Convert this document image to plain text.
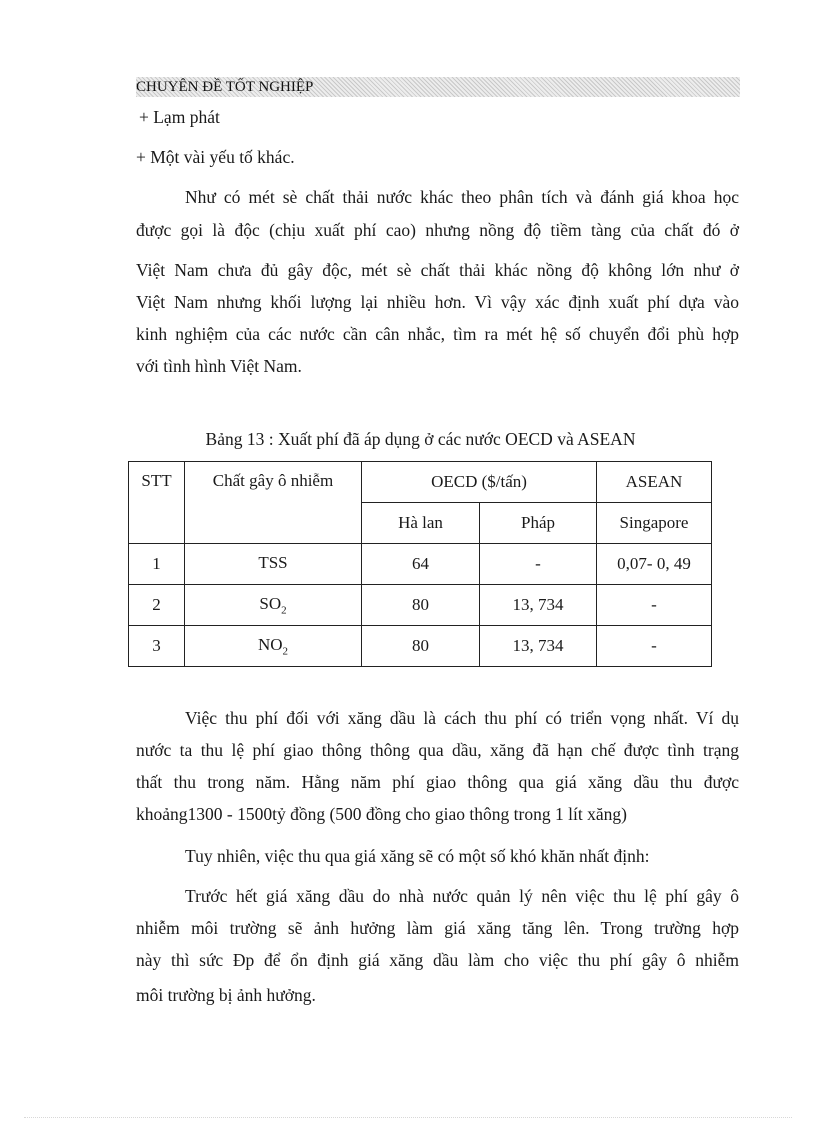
CHUYÊN ĐỀ TỐT NGHIỆP
+ Lạm phát
+ Một vài yếu tố khác.
Như có mét sè chất thải nước khác theo phân tích và đánh giá khoa học
được gọi là độc (chịu xuất phí cao) nhưng nồng độ tiềm tàng của chất đó ở
Việt Nam chưa đủ gây độc, mét sè chất thải khác nồng độ không lớn như ở
Việt Nam nhưng khối lượng lại nhiều hơn. Vì vậy xác định xuất phí dựa vào
kinh nghiệm của các nước cần cân nhắc, tìm ra mét hệ số chuyển đổi phù hợp
với tình hình Việt Nam.
Bảng 13 : Xuất phí đã áp dụng ở các nước OECD và ASEAN
STT	Chất gây ô nhiễm	OECD ($/tấn)		ASEAN
		Hà lan	Pháp	Singapore
1	TSS	64	-	0,07- 0, 49
2	$SO_2$	80	13, 734	-
3	$NO_2$	80	13, 734	-
Việc thu phí đối với xăng dầu là cách thu phí có triển vọng nhất. Ví dụ
nước ta thu lệ phí giao thông thông qua dầu, xăng đã hạn chế được tình trạng
thất thu trong năm. Hằng năm phí giao thông qua giá xăng dầu thu được
khoảng1300 - 1500tỷ đồng (500 đồng cho giao thông trong 1 lít xăng)
Tuy nhiên, việc thu qua giá xăng sẽ có một số khó khăn nhất định:
Trước hết giá xăng dầu do nhà nước quản lý nên việc thu lệ phí gây ô
nhiễm môi trường sẽ ảnh hưởng làm giá xăng tăng lên. Trong trường hợp
này thì sức Ðp để ổn định giá xăng dầu làm cho việc thu phí gây ô nhiễm
môi trường bị ảnh hưởng.
